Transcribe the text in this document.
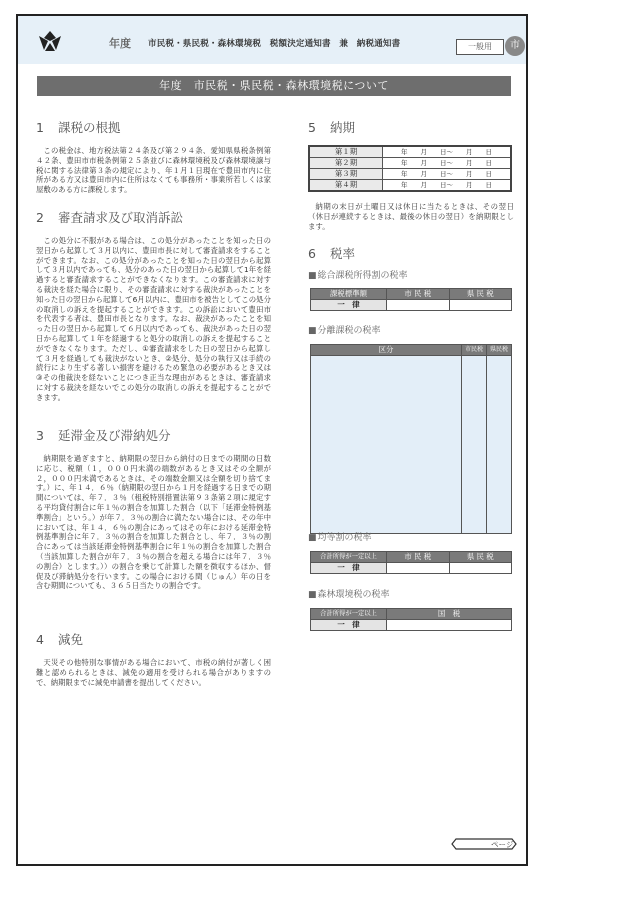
年度 市民税・県民税・森林環境税　税額決定通知書　兼　納税通知書	一般用	市
年度　市民税・県民税・森林環境税について
1 課税の根拠
この税金は、地方税法第２４条及び第２９４条、愛知県県税条例第４２条、豊田市市税条例第２５条並びに森林環境税及び森林環境譲与税に関する法律第３条の規定により、年１月１日現在で豊田市内に住所がある方又は豊田市内に住所はなくても事務所・事業所若しくは家屋敷のある方に課税します。
2 審査請求及び取消訴訟
この処分に不服がある場合は、この処分があったことを知った日の翌日から起算して３月以内に、豊田市長に対して審査請求をすることができます。なお、この処分があったことを知った日の翌日から起算して３月以内であっても、処分のあった日の翌日から起算して1年を経過すると審査請求することができなくなります。この審査請求に対する裁決を経た場合に限り、その審査請求に対する裁決があったことを知った日の翌日から起算して6月以内に、豊田市を被告としてこの処分の取消しの訴えを提起することができます。この訴訟において豊田市を代表する者は、豊田市長となります。なお、裁決があったことを知った日の翌日から起算して６月以内であっても、裁決があった日の翌日から起算して１年を経過すると処分の取消しの訴えを提起することができなくなります。ただし、①審査請求をした日の翌日から起算して３月を経過しても裁決がないとき、②処分、処分の執行又は手続の続行により生ずる著しい損害を避けるため緊急の必要があるとき又は③その他裁決を経ないことにつき正当な理由があるときは、審査請求に対する裁決を経ないでこの処分の取消しの訴えを提起することができます。
3 延滞金及び滞納処分
納期限を過ぎますと、納期限の翌日から納付の日までの期間の日数に応じ、税額（１，０００円未満の端数があるとき又はその全額が２，０００円未満であるときは、その端数金額又は全額を切り捨てます。）に、年１４．６％（納期限の翌日から１月を経過する日までの期間については、年７．３％（租税特別措置法第９３条第２項に規定する平均貸付割合に年１％の割合を加算した割合（以下「延滞金特例基準割合」という。）が年７．３％の割合に満たない場合には、その年中においては、年１４．６％の割合にあってはその年における延滞金特例基準割合に年７．３％の割合を加算した割合とし、年７．３％の割合にあっては当該延滞金特例基準割合に年１％の割合を加算した割合（当該加算した割合が年７．３％の割合を超える場合には年７．３％の割合）とします。））の割合を乗じて計算した額を徴収するほか、督促及び滞納処分を行います。この場合における閏（じゅん）年の日を含む期間についても、３６５日当たりの割合です。
4 減免
天災その他特別な事情がある場合において、市税の納付が著しく困難と認められるときは、減免の適用を受けられる場合がありますので、納期限までに減免申請書を提出してください。
5 納期
第１期	年　　月　　日～　　月　　日
第２期	年　　月　　日～　　月　　日
第３期	年　　月　　日～　　月　　日
第４期	年　　月　　日～　　月　　日
納期の末日が土曜日又は休日に当たるときは、その翌日（休日が連続するときは、最後の休日の翌日）を納期限とします。
6 税率
■ 総合課税所得割の税率
課税標準額	市 民 税	県 民 税
一　律		
■ 分離課税の税率
区分	市民税	県民税
■ 均等割の税率
合計所得が一定以上	市 民 税	県 民 税
一　律		
■ 森林環境税の税率
合計所得が一定以上	国　税
一　律	
ページ
